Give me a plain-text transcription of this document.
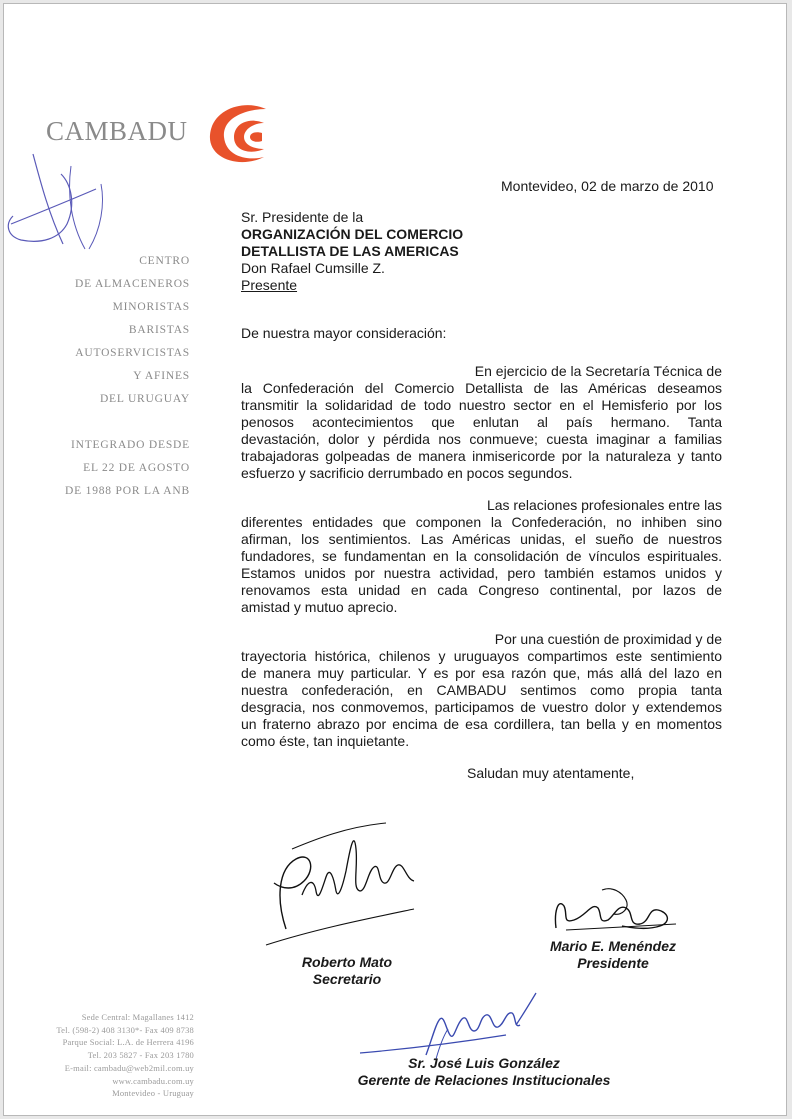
CAMBADU
CENTRO
DE ALMACENEROS
MINORISTAS
BARISTAS
AUTOSERVICISTAS
Y AFINES
DEL URUGUAY
INTEGRADO DESDE
EL 22 DE AGOSTO
DE 1988 POR LA ANB
Sede Central: Magallanes 1412
Tel. (598-2) 408 3130*- Fax 409 8738
Parque Social: L.A. de Herrera 4196
Tel. 203 5827 - Fax 203 1780
E-mail: cambadu@web2mil.com.uy
www.cambadu.com.uy
Montevideo - Uruguay
Montevideo, 02 de marzo de 2010
Sr. Presidente de la
ORGANIZACIÓN DEL COMERCIO
DETALLISTA DE LAS AMERICAS
Don Rafael Cumsille Z.
Presente
De nuestra mayor consideración:
En ejercicio de la Secretaría Técnica de
la Confederación del Comercio Detallista de las Américas deseamos
transmitir la solidaridad de todo nuestro sector en el Hemisferio por los
penosos acontecimientos que enlutan al país hermano. Tanta
devastación, dolor y pérdida nos conmueve; cuesta imaginar a familias
trabajadoras golpeadas de manera inmisericorde por la naturaleza y tanto
esfuerzo y sacrificio derrumbado en pocos segundos.
Las relaciones profesionales entre las
diferentes entidades que componen la Confederación, no inhiben sino
afirman, los sentimientos. Las Américas unidas, el sueño de nuestros
fundadores, se fundamentan en la consolidación de vínculos espirituales.
Estamos unidos por nuestra actividad, pero también estamos unidos y
renovamos esta unidad en cada Congreso continental, por lazos de
amistad y mutuo aprecio.
Por una cuestión de proximidad y de
trayectoria histórica, chilenos y uruguayos compartimos este sentimiento
de manera muy particular. Y es por esa razón que, más allá del lazo en
nuestra confederación, en CAMBADU sentimos como propia tanta
desgracia, nos conmovemos, participamos de vuestro dolor y extendemos
un fraterno abrazo por encima de esa cordillera, tan bella y en momentos
como éste, tan inquietante.
Saludan muy atentamente,
Roberto Mato
Secretario
Mario E. Menéndez
Presidente
Sr. José Luis González
Gerente de Relaciones Institucionales
